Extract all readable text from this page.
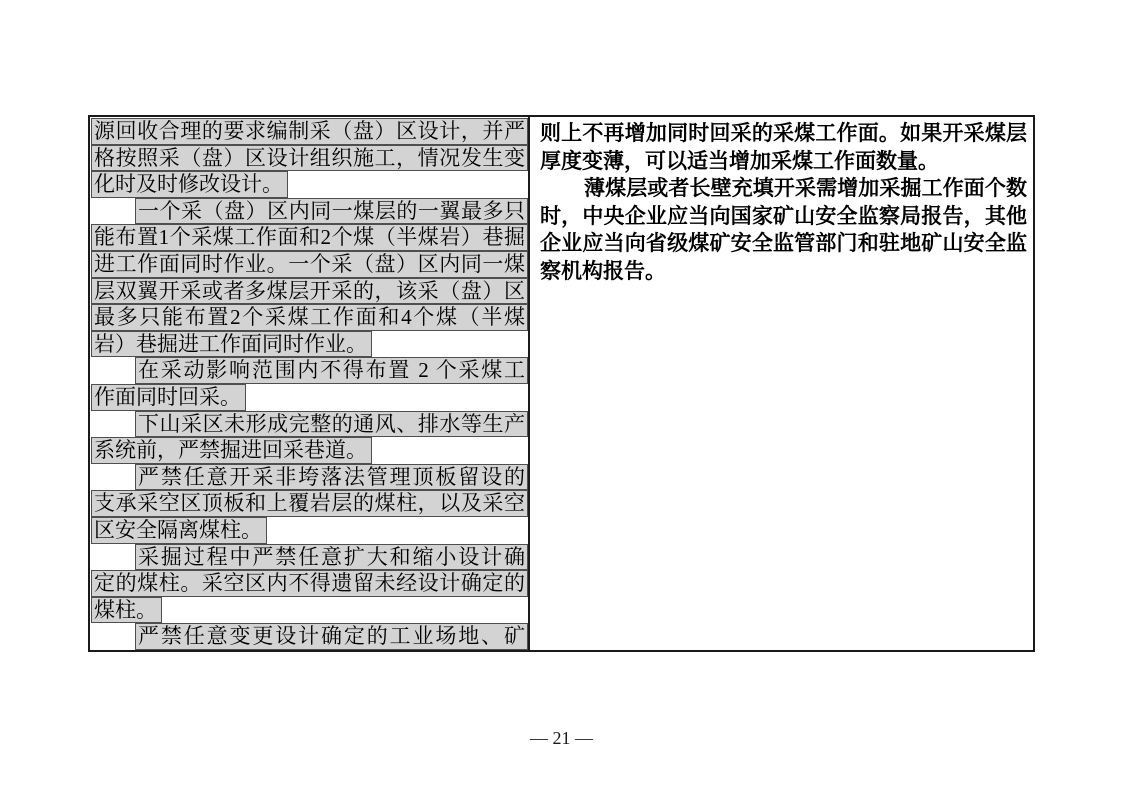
源回收合理的要求编制采（盘）区设计，并严
格按照采（盘）区设计组织施工，情况发生变
化时及时修改设计。
一个采（盘）区内同一煤层的一翼最多只
能布置1个采煤工作面和2个煤（半煤岩）巷掘
进工作面同时作业。一个采（盘）区内同一煤
层双翼开采或者多煤层开采的，该采（盘）区
最多只能布置2个采煤工作面和4个煤（半煤
岩）巷掘进工作面同时作业。
在采动影响范围内不得布置 2 个采煤工
作面同时回采。
下山采区未形成完整的通风、排水等生产
系统前，严禁掘进回采巷道。
严禁任意开采非垮落法管理顶板留设的
支承采空区顶板和上覆岩层的煤柱，以及采空
区安全隔离煤柱。
采掘过程中严禁任意扩大和缩小设计确
定的煤柱。采空区内不得遗留未经设计确定的
煤柱。
严禁任意变更设计确定的工业场地、矿
则上不再增加同时回采的采煤工作面。如果开采煤层
厚度变薄，可以适当增加采煤工作面数量。
薄煤层或者长壁充填开采需增加采掘工作面个数
时，中央企业应当向国家矿山安全监察局报告，其他
企业应当向省级煤矿安全监管部门和驻地矿山安全监
察机构报告。
— 21 —
